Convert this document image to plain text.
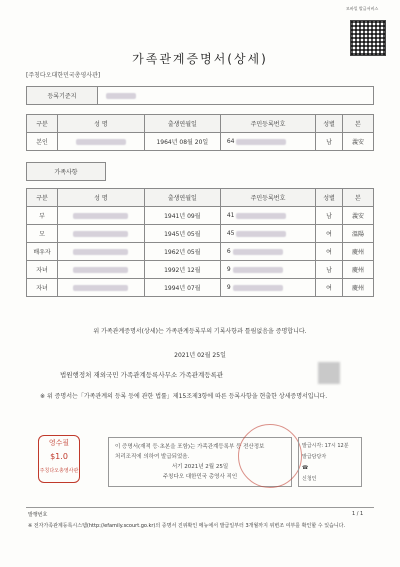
모바일 발급서비스
가족관계증명서(상세)
[주칭다오대한민국총영사관]
등록기준지	
구분	성 명	출생연월일	주민등록번호	성별	본
본인		1964년 08월 20일	64	남	義安
가족사항
구분	성 명	출생연월일	주민등록번호	성별	본
부		1941년 09월	41	남	義安
모		1945년 05월	45	여	溫陽
배우자		1962년 05월	6	여	慶州
자녀		1992년 12월	9	남	慶州
자녀		1994년 07월	9	여	慶州
위 가족관계증명서(상세)는 가족관계등록부의 기록사항과 틀림없음을 증명합니다.
2021년 02월 25일
법원행정처 재외국민 가족관계등록사무소 가족관계등록관
※ 위 증명서는「가족관계의 등록 등에 관한 법률」제15조제3항에 따른 등록사항을 현출한 상세증명서입니다.
영수필
$1.0
주칭다오총영사관
이 증명서(재적 등·초본을 포함)는 가족관계등록부 등 전산정보
처리조직에 의하여 발급되었음.
서기 2021년 2월 25일
주칭다오 대한민국 총영사 직인
발급시각: 17시 12분
발급담당자
☎
신청인
발행번호	1 / 1
※ 전자가족관계등록시스템(http://efamily.scourt.go.kr)의 증명서 진위확인 메뉴에서 발급일부터 3개월까지 위변조 여부를 확인할 수 있습니다.
